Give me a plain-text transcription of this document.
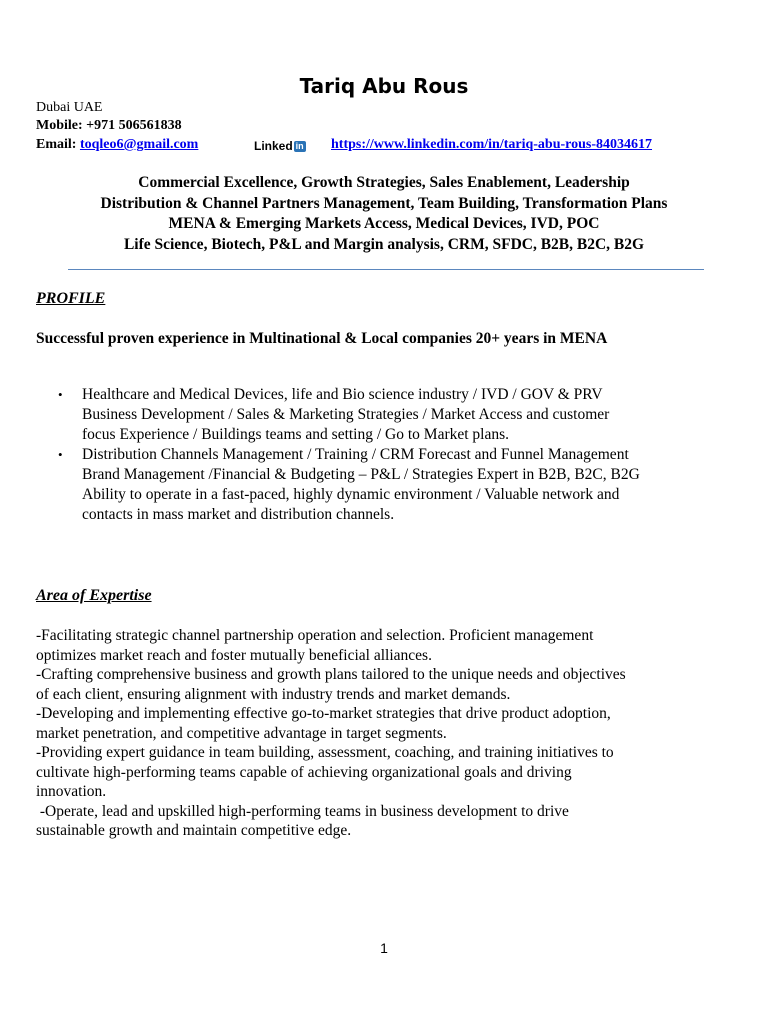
Tariq Abu Rous
Dubai UAE
Mobile: +971 506561838
Email: toqleo6@gmail.com	Linked in https://www.linkedin.com/in/tariq-abu-rous-84034617
Commercial Excellence, Growth Strategies, Sales Enablement, Leadership
Distribution & Channel Partners Management, Team Building, Transformation Plans
MENA & Emerging Markets Access, Medical Devices, IVD, POC
Life Science, Biotech, P&L and Margin analysis, CRM, SFDC, B2B, B2C, B2G
PROFILE
Successful proven experience in Multinational & Local companies 20+ years in MENA
• Healthcare and Medical Devices, life and Bio science industry / IVD / GOV & PRV
Business Development / Sales & Marketing Strategies / Market Access and customer
focus Experience / Buildings teams and setting / Go to Market plans.
• Distribution Channels Management / Training / CRM Forecast and Funnel Management
Brand Management /Financial & Budgeting – P&L / Strategies Expert in B2B, B2C, B2G
Ability to operate in a fast-paced, highly dynamic environment / Valuable network and
contacts in mass market and distribution channels.
Area of Expertise
-Facilitating strategic channel partnership operation and selection. Proficient management
optimizes market reach and foster mutually beneficial alliances.
-Crafting comprehensive business and growth plans tailored to the unique needs and objectives
of each client, ensuring alignment with industry trends and market demands.
-Developing and implementing effective go-to-market strategies that drive product adoption,
market penetration, and competitive advantage in target segments.
-Providing expert guidance in team building, assessment, coaching, and training initiatives to
cultivate high-performing teams capable of achieving organizational goals and driving
innovation.
-Operate, lead and upskilled high-performing teams in business development to drive
sustainable growth and maintain competitive edge.
1
